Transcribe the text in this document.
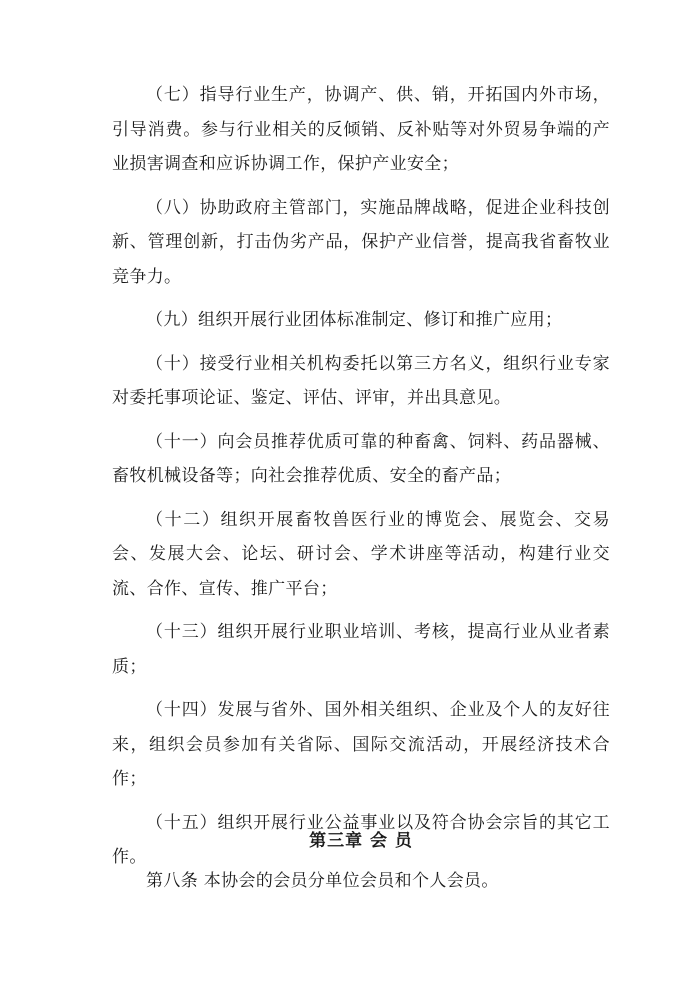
（七）指导行业生产，协调产、供、销，开拓国内外市场，引导消费。参与行业相关的反倾销、反补贴等对外贸易争端的产业损害调查和应诉协调工作，保护产业安全；

（八）协助政府主管部门，实施品牌战略，促进企业科技创新、管理创新，打击伪劣产品，保护产业信誉，提高我省畜牧业竞争力。

（九）组织开展行业团体标准制定、修订和推广应用；

（十）接受行业相关机构委托以第三方名义，组织行业专家对委托事项论证、鉴定、评估、评审，并出具意见。

（十一）向会员推荐优质可靠的种畜禽、饲料、药品器械、畜牧机械设备等；向社会推荐优质、安全的畜产品；

（十二）组织开展畜牧兽医行业的博览会、展览会、交易会、发展大会、论坛、研讨会、学术讲座等活动，构建行业交流、合作、宣传、推广平台；

（十三）组织开展行业职业培训、考核，提高行业从业者素质；

（十四）发展与省外、国外相关组织、企业及个人的友好往来，组织会员参加有关省际、国际交流活动，开展经济技术合作；

（十五）组织开展行业公益事业以及符合协会宗旨的其它工作。

第三章 会 员

第八条 本协会的会员分单位会员和个人会员。
